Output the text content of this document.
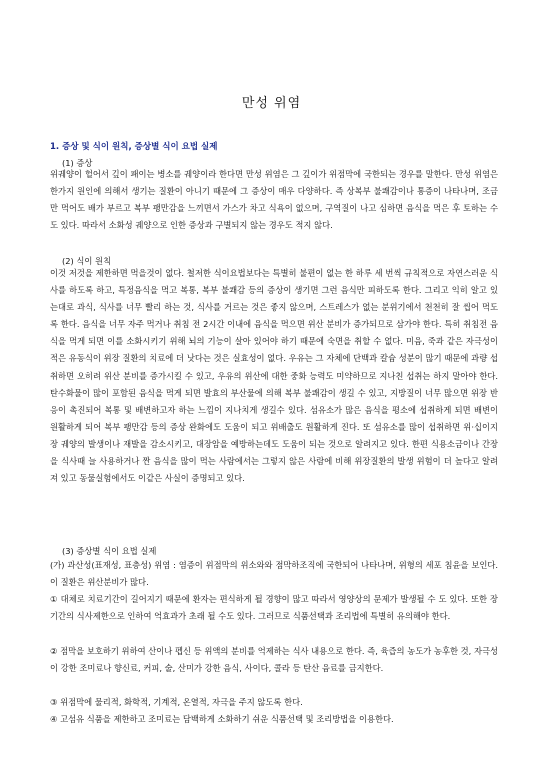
만성 위염
1. 증상 및 식이 원칙, 증상별 식이 요법 실제
(1) 증상

위궤양이 헐어서 깊이 패이는 병소를 궤양이라 한다면 만성 위염은 그 깊이가 위점막에 국한되는 경우를 말한다. 만성 위염은 한가지 원인에 의해서 생기는 질환이 아니기 때문에 그 증상이 매우 다양하다. 즉 상복부 불쾌감이나 통증이 나타나며, 조금만 먹어도 배가 부르고 복부 팽만감을 느끼면서 가스가 차고 식욕이 없으며, 구역질이 나고 심하면 음식을 먹은 후 토하는 수도 있다. 따라서 소화성 궤양으로 인한 증상과 구별되지 않는 경우도 적지 않다.

(2) 식이 원칙

이것 저것을 제한하면 먹을것이 없다. 철저한 식이요법보다는 특별히 불편이 없는 한 하루 세 번씩 규칙적으로 자연스러운 식사를 하도록 하고, 특정음식을 먹고 복통, 복부 불쾌감 등의 증상이 생기면 그런 음식만 피하도록 한다. 그리고 익히 알고 있는대로 과식, 식사를 너무 빨리 하는 것, 식사를 거르는 것은 좋지 않으며, 스트레스가 없는 분위기에서 천천히 잘 씹어 먹도록 한다. 음식을 너무 자주 먹거나 취침 전 2시간 이내에 음식을 먹으면 위산 분비가 증가되므로 삼가야 한다. 특히 취침전 음식을 먹게 되면 이를 소화시키기 위해 뇌의 기능이 살아 있어야 하기 때문에 숙면을 취할 수 없다. 미음, 죽과 같은 자극성이 적은 유동식이 위장 질환의 치료에 더 낫다는 것은 실효성이 없다. 우유는 그 자체에 단백과 칼슘 성분이 많기 때문에 과량 섭취하면 오히려 위산 분비를 증가시킬 수 있고, 우유의 위산에 대한 중화 능력도 미약하므로 지나친 섭취는 하지 말아야 한다. 탄수화물이 많이 포함된 음식을 먹게 되면 발효의 부산물에 의해 복부 불쾌감이 생길 수 있고, 지방질이 너무 많으면 위장 반응이 촉진되어 복통 및 배변하고자 하는 느낌이 지나치게 생길수 있다. 섬유소가 많은 음식을 평소에 섭취하게 되면 배변이 원활하게 되어 복부 팽만감 등의 증상 완화에도 도움이 되고 위배출도 원활하게 진다. 또 섬유소를 많이 섭취하면 위·십이지장 궤양의 발생이나 재발을 감소시키고, 대장암을 예방하는데도 도움이 되는 것으로 알려지고 있다. 한편 식용소금이나 간장을 식사때 늘 사용하거나 짠 음식을 많이 먹는 사람에서는 그렇지 않은 사람에 비해 위장질환의 발생 위험이 더 높다고 알려져 있고 동물실험에서도 이같은 사실이 증명되고 있다.

(3) 증상별 식이 요법 실제

(가) 과산성(표재성, 표층성) 위염 : 염증이 위점막의 위소와와 점막하조직에 국한되어 나타나며, 위형의 세포 침윤을 보인다. 이 질환은 위산분비가 많다.

① 대체로 치료기간이 길어지기 때문에 환자는 편식하게 될 경향이 많고 따라서 영양상의 문제가 발생될 수 도 있다. 또한 장기간의 식사제한으로 인하여 억효과가 초래 될 수도 있다. 그러므로 식품선택과 조리법에 특별히 유의해야 한다.

② 점막을 보호하기 위하여 산이나 펩신 등 위액의 분비를 억제하는 식사 내용으로 한다. 즉, 육즙의 농도가 농후한 것, 자극성이 강한 조미료나 향신료, 커피, 술, 산미가 강한 음식, 사이다, 콜라 등 탄산 음료를 금지한다.

③ 위점막에 물리적, 화학적, 기계적, 온열적, 자극을 주지 않도록 한다.

④ 고섬유 식품을 제한하고 조미료는 담백하게 소화하기 쉬운 식품선택 및 조리방법을 이용한다.
